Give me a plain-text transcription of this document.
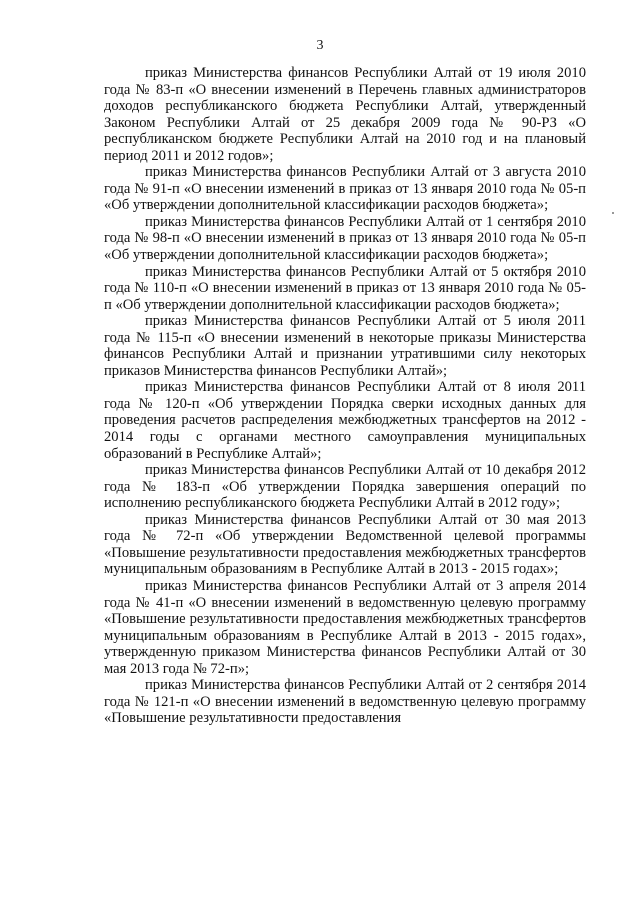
3

приказ Министерства финансов Республики Алтай от 19 июля 2010 года № 83-п «О внесении изменений в Перечень главных администраторов доходов республиканского бюджета Республики Алтай, утвержденный Законом Республики Алтай от 25 декабря 2009 года № 90-РЗ «О республиканском бюджете Республики Алтай на 2010 год и на плановый период 2011 и 2012 годов»;

приказ Министерства финансов Республики Алтай от 3 августа 2010 года № 91-п «О внесении изменений в приказ от 13 января 2010 года № 05-п «Об утверждении дополнительной классификации расходов бюджета»;

приказ Министерства финансов Республики Алтай от 1 сентября 2010 года № 98-п «О внесении изменений в приказ от 13 января 2010 года № 05-п «Об утверждении дополнительной классификации расходов бюджета»;

приказ Министерства финансов Республики Алтай от 5 октября 2010 года № 110-п «О внесении изменений в приказ от 13 января 2010 года № 05-п «Об утверждении дополнительной классификации расходов бюджета»;

приказ Министерства финансов Республики Алтай от 5 июля 2011 года № 115-п «О внесении изменений в некоторые приказы Министерства финансов Республики Алтай и признании утратившими силу некоторых приказов Министерства финансов Республики Алтай»;

приказ Министерства финансов Республики Алтай от 8 июля 2011 года № 120-п «Об утверждении Порядка сверки исходных данных для проведения расчетов распределения межбюджетных трансфертов на 2012 - 2014 годы с органами местного самоуправления муниципальных образований в Республике Алтай»;

приказ Министерства финансов Республики Алтай от 10 декабря 2012 года № 183-п «Об утверждении Порядка завершения операций по исполнению республиканского бюджета Республики Алтай в 2012 году»;

приказ Министерства финансов Республики Алтай от 30 мая 2013 года № 72-п «Об утверждении Ведомственной целевой программы «Повышение результативности предоставления межбюджетных трансфертов муниципальным образованиям в Республике Алтай в 2013 - 2015 годах»;

приказ Министерства финансов Республики Алтай от 3 апреля 2014 года № 41-п «О внесении изменений в ведомственную целевую программу «Повышение результативности предоставления межбюджетных трансфертов муниципальным образованиям в Республике Алтай в 2013 - 2015 годах», утвержденную приказом Министерства финансов Республики Алтай от 30 мая 2013 года № 72-п»;

приказ Министерства финансов Республики Алтай от 2 сентября 2014 года № 121-п «О внесении изменений в ведомственную целевую программу «Повышение результативности предоставления
